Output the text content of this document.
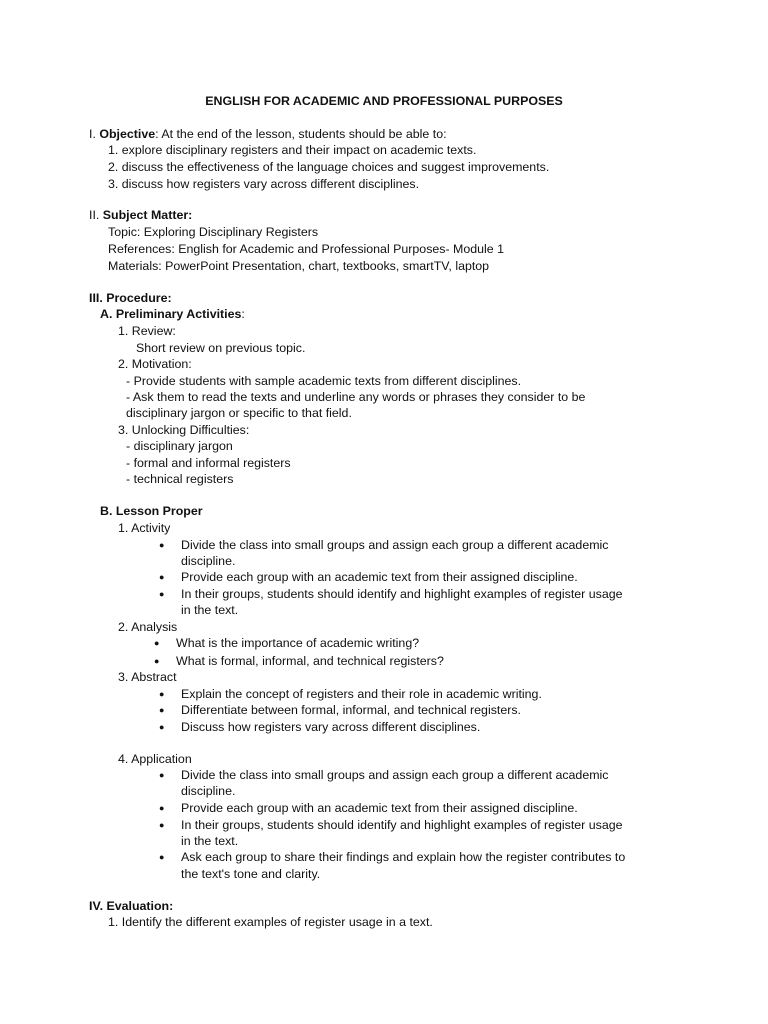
ENGLISH FOR ACADEMIC AND PROFESSIONAL PURPOSES
I. Objective: At the end of the lesson, students should be able to:
1. explore disciplinary registers and their impact on academic texts.
2. discuss the effectiveness of the language choices and suggest improvements.
3. discuss how registers vary across different disciplines.
II. Subject Matter:
Topic: Exploring Disciplinary Registers
References: English for Academic and Professional Purposes- Module 1
Materials: PowerPoint Presentation, chart, textbooks, smartTV, laptop
III. Procedure:
A. Preliminary Activities:
1. Review:
Short review on previous topic.
2. Motivation:
- Provide students with sample academic texts from different disciplines.
- Ask them to read the texts and underline any words or phrases they consider to be
disciplinary jargon or specific to that field.
3. Unlocking Difficulties:
- disciplinary jargon
- formal and informal registers
- technical registers
B. Lesson Proper
1. Activity
● Divide the class into small groups and assign each group a different academic
discipline.
● Provide each group with an academic text from their assigned discipline.
● In their groups, students should identify and highlight examples of register usage
in the text.
2. Analysis
● What is the importance of academic writing?
● What is formal, informal, and technical registers?
3. Abstract
● Explain the concept of registers and their role in academic writing.
● Differentiate between formal, informal, and technical registers.
● Discuss how registers vary across different disciplines.
4. Application
● Divide the class into small groups and assign each group a different academic
discipline.
● Provide each group with an academic text from their assigned discipline.
● In their groups, students should identify and highlight examples of register usage
in the text.
● Ask each group to share their findings and explain how the register contributes to
the text's tone and clarity.
IV. Evaluation:
1. Identify the different examples of register usage in a text.
